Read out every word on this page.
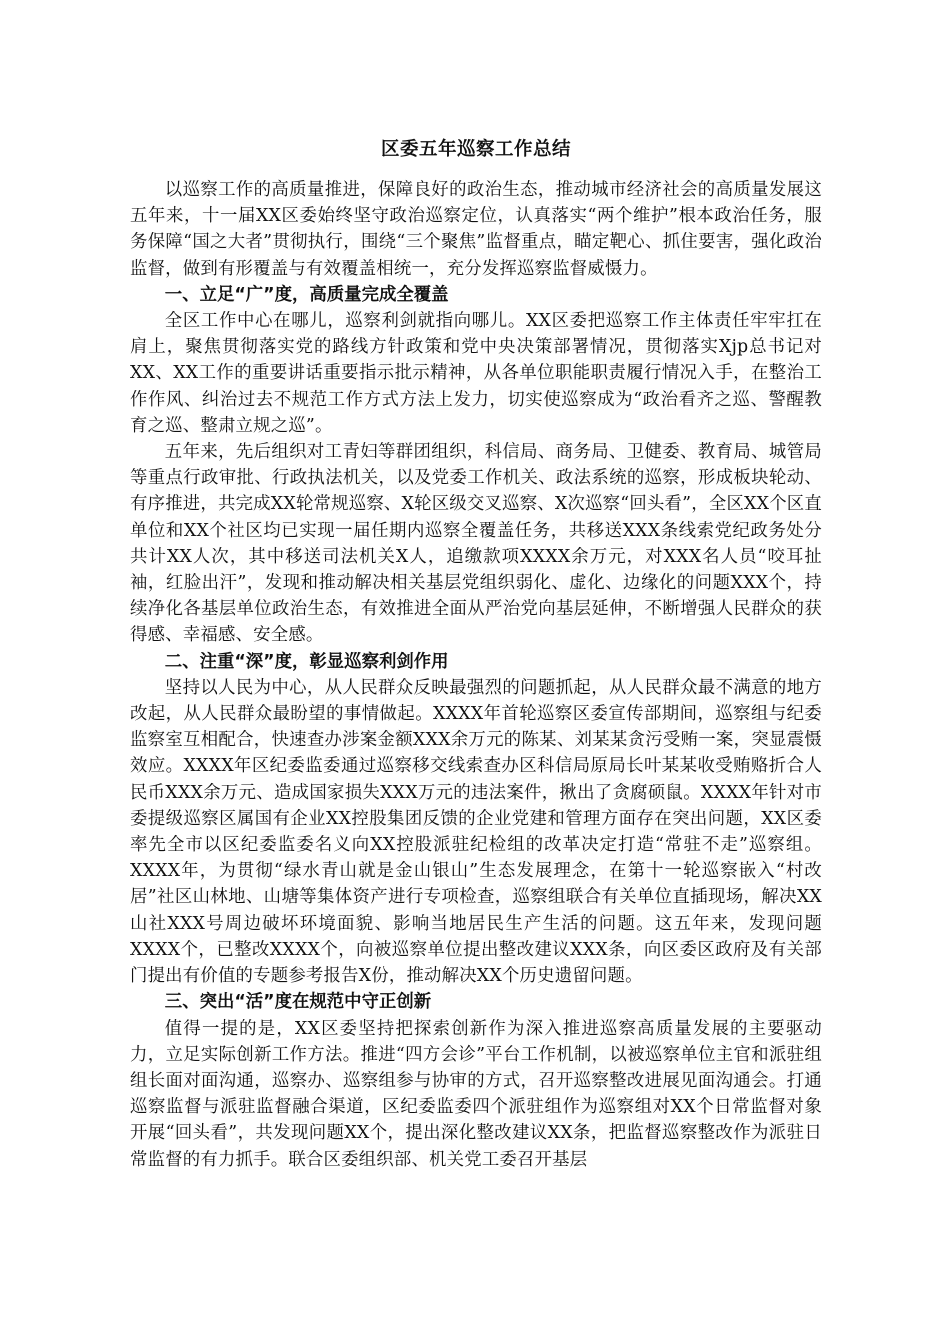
区委五年巡察工作总结

以巡察工作的高质量推进，保障良好的政治生态，推动城市经济社会的高质量发展这五年来，十一届XX区委始终坚守政治巡察定位，认真落实“两个维护”根本政治任务，服务保障“国之大者”贯彻执行，围绕“三个聚焦”监督重点，瞄定靶心、抓住要害，强化政治监督，做到有形覆盖与有效覆盖相统一，充分发挥巡察监督威慑力。

一、立足“广”度，高质量完成全覆盖

全区工作中心在哪儿，巡察利剑就指向哪儿。XX区委把巡察工作主体责任牢牢扛在肩上，聚焦贯彻落实党的路线方针政策和党中央决策部署情况，贯彻落实Xjp总书记对XX、XX工作的重要讲话重要指示批示精神，从各单位职能职责履行情况入手，在整治工作作风、纠治过去不规范工作方式方法上发力，切实使巡察成为“政治看齐之巡、警醒教育之巡、整肃立规之巡”。

五年来，先后组织对工青妇等群团组织，科信局、商务局、卫健委、教育局、城管局等重点行政审批、行政执法机关，以及党委工作机关、政法系统的巡察，形成板块轮动、有序推进，共完成XX轮常规巡察、X轮区级交叉巡察、X次巡察“回头看”，全区XX个区直单位和XX个社区均已实现一届任期内巡察全覆盖任务，共移送XXX条线索党纪政务处分共计XX人次，其中移送司法机关X人，追缴款项XXXX余万元，对XXX名人员“咬耳扯袖，红脸出汗”，发现和推动解决相关基层党组织弱化、虚化、边缘化的问题XXX个，持续净化各基层单位政治生态，有效推进全面从严治党向基层延伸，不断增强人民群众的获得感、幸福感、安全感。

二、注重“深”度，彰显巡察利剑作用

坚持以人民为中心，从人民群众反映最强烈的问题抓起，从人民群众最不满意的地方改起，从人民群众最盼望的事情做起。XXXX年首轮巡察区委宣传部期间，巡察组与纪委监察室互相配合，快速查办涉案金额XXX余万元的陈某、刘某某贪污受贿一案，突显震慑效应。XXXX年区纪委监委通过巡察移交线索查办区科信局原局长叶某某收受贿赂折合人民币XXX余万元、造成国家损失XXX万元的违法案件，揪出了贪腐硕鼠。XXXX年针对市委提级巡察区属国有企业XX控股集团反馈的企业党建和管理方面存在突出问题，XX区委率先全市以区纪委监委名义向XX控股派驻纪检组的改革决定打造“常驻不走”巡察组。XXXX年，为贯彻“绿水青山就是金山银山”生态发展理念，在第十一轮巡察嵌入“村改居”社区山林地、山塘等集体资产进行专项检查，巡察组联合有关单位直插现场，解决XX山社XXX号周边破坏环境面貌、影响当地居民生产生活的问题。这五年来，发现问题XXXX个，已整改XXXX个，向被巡察单位提出整改建议XXX条，向区委区政府及有关部门提出有价值的专题参考报告X份，推动解决XX个历史遗留问题。

三、突出“活”度在规范中守正创新

值得一提的是，XX区委坚持把探索创新作为深入推进巡察高质量发展的主要驱动力，立足实际创新工作方法。推进“四方会诊”平台工作机制，以被巡察单位主官和派驻组组长面对面沟通，巡察办、巡察组参与协审的方式，召开巡察整改进展见面沟通会。打通巡察监督与派驻监督融合渠道，区纪委监委四个派驻组作为巡察组对XX个日常监督对象开展“回头看”，共发现问题XX个，提出深化整改建议XX条，把监督巡察整改作为派驻日常监督的有力抓手。联合区委组织部、机关党工委召开基层
